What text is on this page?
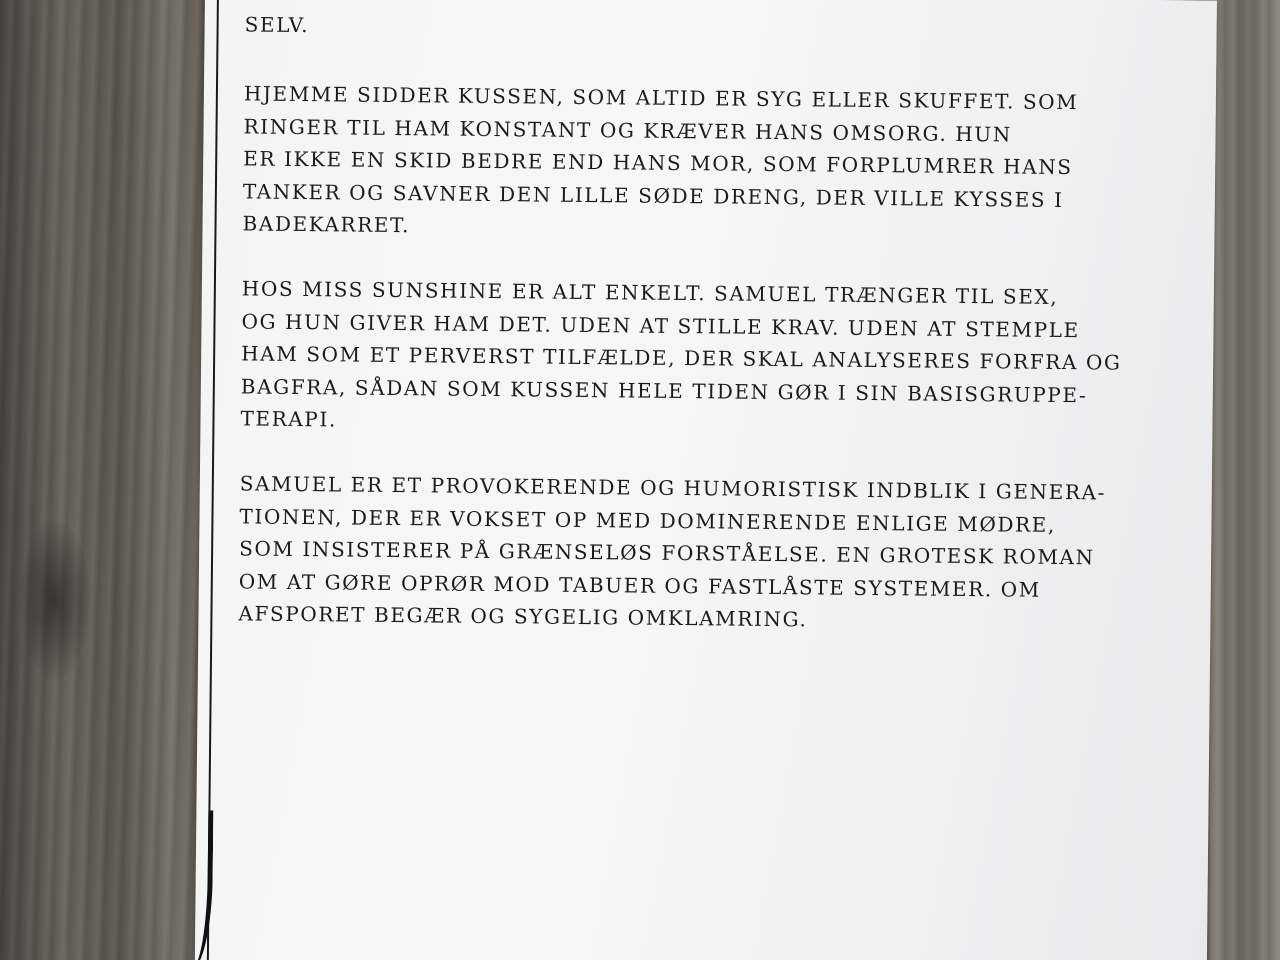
SELV.
HJEMME SIDDER KUSSEN, SOM ALTID ER SYG ELLER SKUFFET. SOM
RINGER TIL HAM KONSTANT OG KRÆVER HANS OMSORG. HUN
ER IKKE EN SKID BEDRE END HANS MOR, SOM FORPLUMRER HANS
TANKER OG SAVNER DEN LILLE SØDE DRENG, DER VILLE KYSSES I
BADEKARRET.
HOS MISS SUNSHINE ER ALT ENKELT. SAMUEL TRÆNGER TIL SEX,
OG HUN GIVER HAM DET. UDEN AT STILLE KRAV. UDEN AT STEMPLE
HAM SOM ET PERVERST TILFÆLDE, DER SKAL ANALYSERES FORFRA OG
BAGFRA, SÅDAN SOM KUSSEN HELE TIDEN GØR I SIN BASISGRUPPE-
TERAPI.
SAMUEL ER ET PROVOKERENDE OG HUMORISTISK INDBLIK I GENERA-
TIONEN, DER ER VOKSET OP MED DOMINERENDE ENLIGE MØDRE,
SOM INSISTERER PÅ GRÆNSELØS FORSTÅELSE. EN GROTESK ROMAN
OM AT GØRE OPRØR MOD TABUER OG FASTLÅSTE SYSTEMER. OM
AFSPORET BEGÆR OG SYGELIG OMKLAMRING.
